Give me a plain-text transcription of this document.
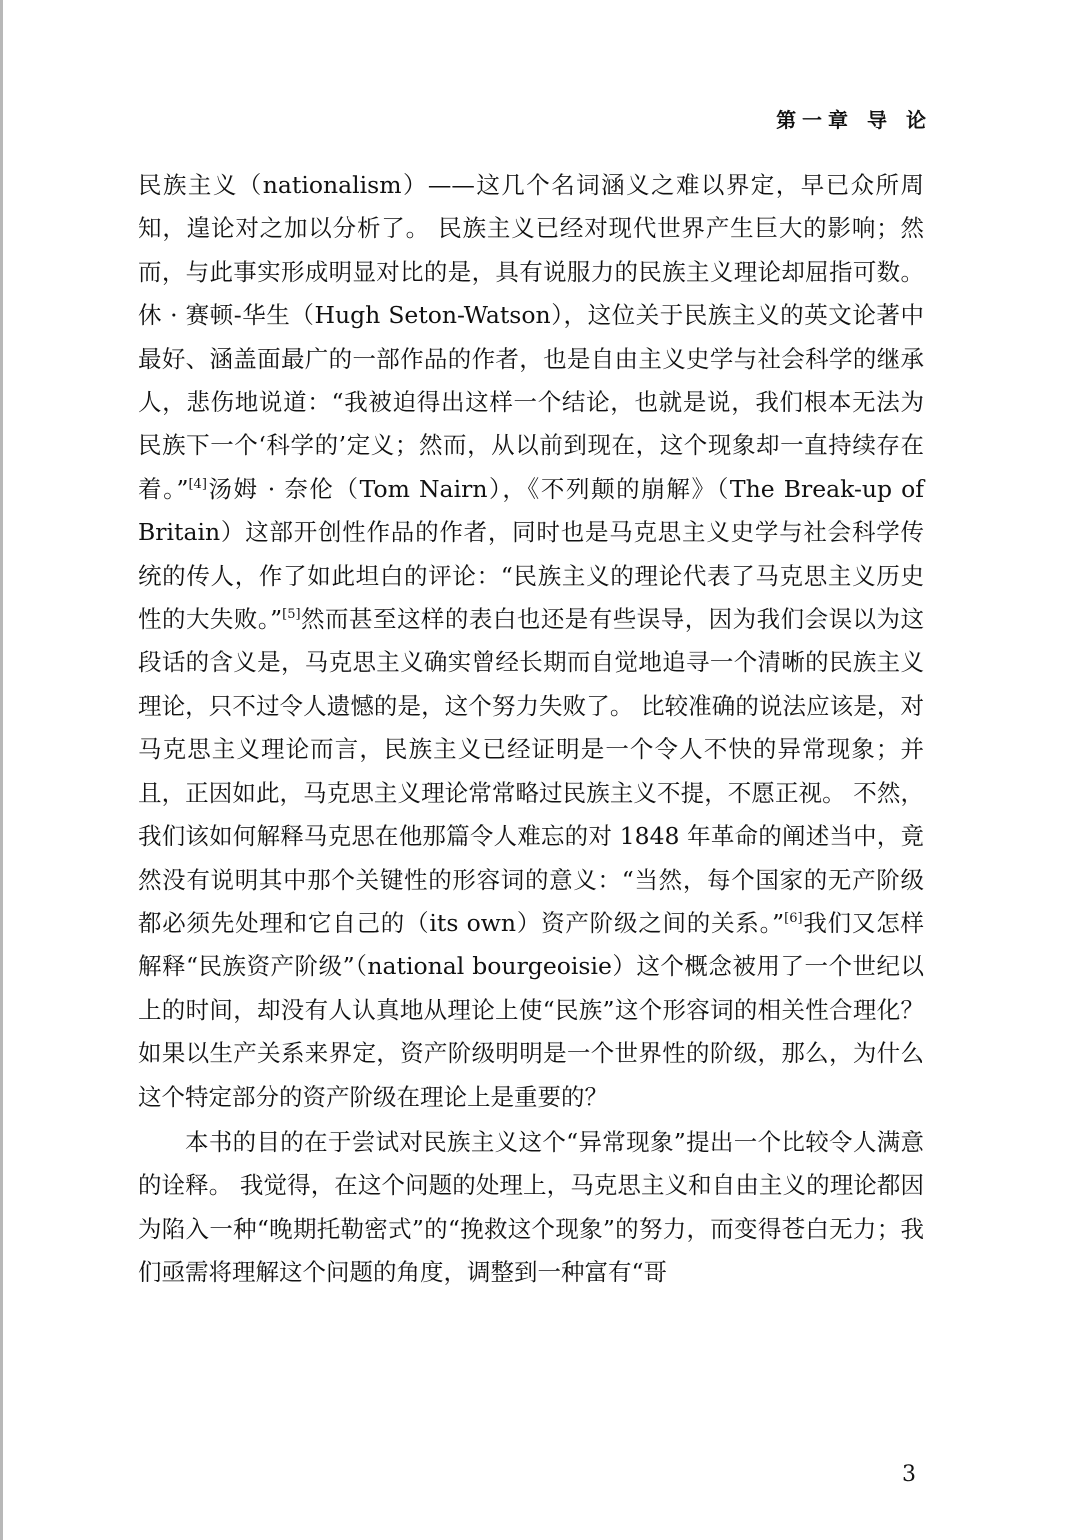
第一章 导 论

民族主义（nationalism）——这几个名词涵义之难以界定，早已众所周知，遑论对之加以分析了。 民族主义已经对现代世界产生巨大的影响；然而，与此事实形成明显对比的是，具有说服力的民族主义理论却屈指可数。 休 · 赛顿-华生（Hugh Seton-Watson），这位关于民族主义的英文论著中最好、涵盖面最广的一部作品的作者，也是自由主义史学与社会科学的继承人，悲伤地说道：“我被迫得出这样一个结论，也就是说，我们根本无法为民族下一个‘科学的’定义；然而，从以前到现在，这个现象却一直持续存在着。”[4]汤姆 · 奈伦（Tom Nairn），《不列颠的崩解》（The Break-up of Britain）这部开创性作品的作者，同时也是马克思主义史学与社会科学传统的传人，作了如此坦白的评论：“民族主义的理论代表了马克思主义历史性的大失败。”[5]然而甚至这样的表白也还是有些误导，因为我们会误以为这段话的含义是，马克思主义确实曾经长期而自觉地追寻一个清晰的民族主义理论，只不过令人遗憾的是，这个努力失败了。 比较准确的说法应该是，对马克思主义理论而言，民族主义已经证明是一个令人不快的异常现象；并且，正因如此，马克思主义理论常常略过民族主义不提，不愿正视。 不然，我们该如何解释马克思在他那篇令人难忘的对 1848 年革命的阐述当中，竟然没有说明其中那个关键性的形容词的意义：“当然，每个国家的无产阶级都必须先处理和它自己的（its own）资产阶级之间的关系。”[6]我们又怎样解释“民族资产阶级”（national bourgeoisie）这个概念被用了一个世纪以上的时间，却没有人认真地从理论上使“民族”这个形容词的相关性合理化？ 如果以生产关系来界定，资产阶级明明是一个世界性的阶级，那么，为什么这个特定部分的资产阶级在理论上是重要的？

本书的目的在于尝试对民族主义这个“异常现象”提出一个比较令人满意的诠释。 我觉得，在这个问题的处理上，马克思主义和自由主义的理论都因为陷入一种“晚期托勒密式”的“挽救这个现象”的努力，而变得苍白无力；我们亟需将理解这个问题的角度，调整到一种富有“哥

3
